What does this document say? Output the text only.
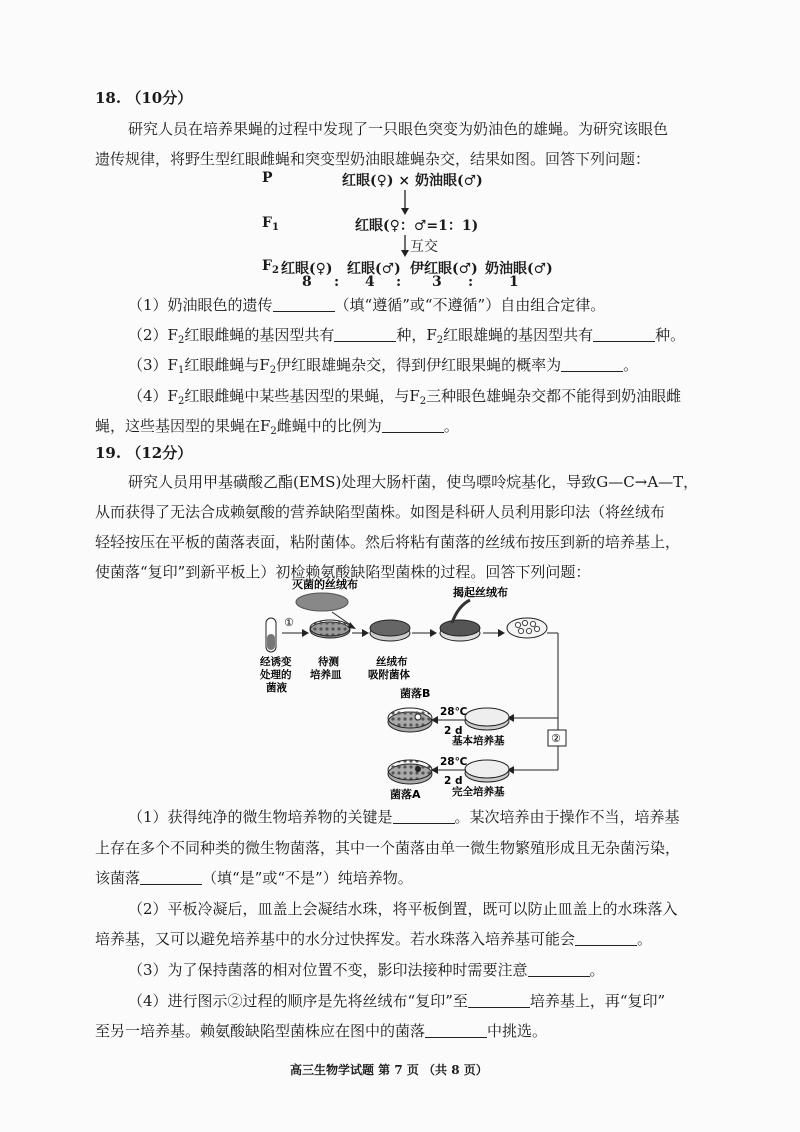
18. （10分）
研究人员在培养果蝇的过程中发现了一只眼色突变为奶油色的雄蝇。为研究该眼色
遗传规律，将野生型红眼雌蝇和突变型奶油眼雄蝇杂交，结果如图。回答下列问题：
P	红眼(♀) × 奶油眼(♂)
$F_1$	红眼(♀：♂=1：1)
互交
$F_2$ 红眼(♀) 红眼(♂) 伊红眼(♂) 奶油眼(♂)
8 : 4 : 3 :	1
（1）奶油眼色的遗传	（填“遵循”或“不遵循”）自由组合定律。
$(2)F_2$红眼雌蝇的基因型共有	种，$F_2$红眼雄蝇的基因型共有	种。
$(3)F_1$红眼雌蝇与$F_2$伊红眼雄蝇杂交，得到伊红眼果蝇的概率为	。
$(4)F_2$红眼雌蝇中某些基因型的果蝇，与$F_2$三种眼色雄蝇杂交都不能得到奶油眼雌
蝇，这些基因型的果蝇在$F_2$雌蝇中的比例为	。
19. （12分）
研究人员用甲基磺酸乙酯(EMS)处理大肠杆菌，使鸟嘌呤烷基化，导致G—C→A—T，
从而获得了无法合成赖氨酸的营养缺陷型菌株。如图是科研人员利用影印法（将丝绒布
轻轻按压在平板的菌落表面，粘附菌体。然后将粘有菌落的丝绒布按压到新的培养基上，
使菌落“复印”到新平板上）初检赖氨酸缺陷型菌株的过程。回答下列问题：
灭菌的丝绒布
揭起丝绒布
①
经诱变
处理的
菌液
待测
培养皿
丝绒布
吸附菌体
②
基本培养基
完全培养基
28℃
2 d
28℃
2 d
菌落B
菌落A
（1）获得纯净的微生物培养物的关键是	。某次培养由于操作不当，培养基
上存在多个不同种类的微生物菌落，其中一个菌落由单一微生物繁殖形成且无杂菌污染，
该菌落	（填“是”或“不是”）纯培养物。
（2）平板冷凝后，皿盖上会凝结水珠，将平板倒置，既可以防止皿盖上的水珠落入
培养基，又可以避免培养基中的水分过快挥发。若水珠落入培养基可能会	。
（3）为了保持菌落的相对位置不变，影印法接种时需要注意	。
（4）进行图示②过程的顺序是先将丝绒布“复印”至	培养基上，再“复印”
至另一培养基。赖氨酸缺陷型菌株应在图中的菌落	中挑选。
高三生物学试题 第 7 页 （共 8 页）
